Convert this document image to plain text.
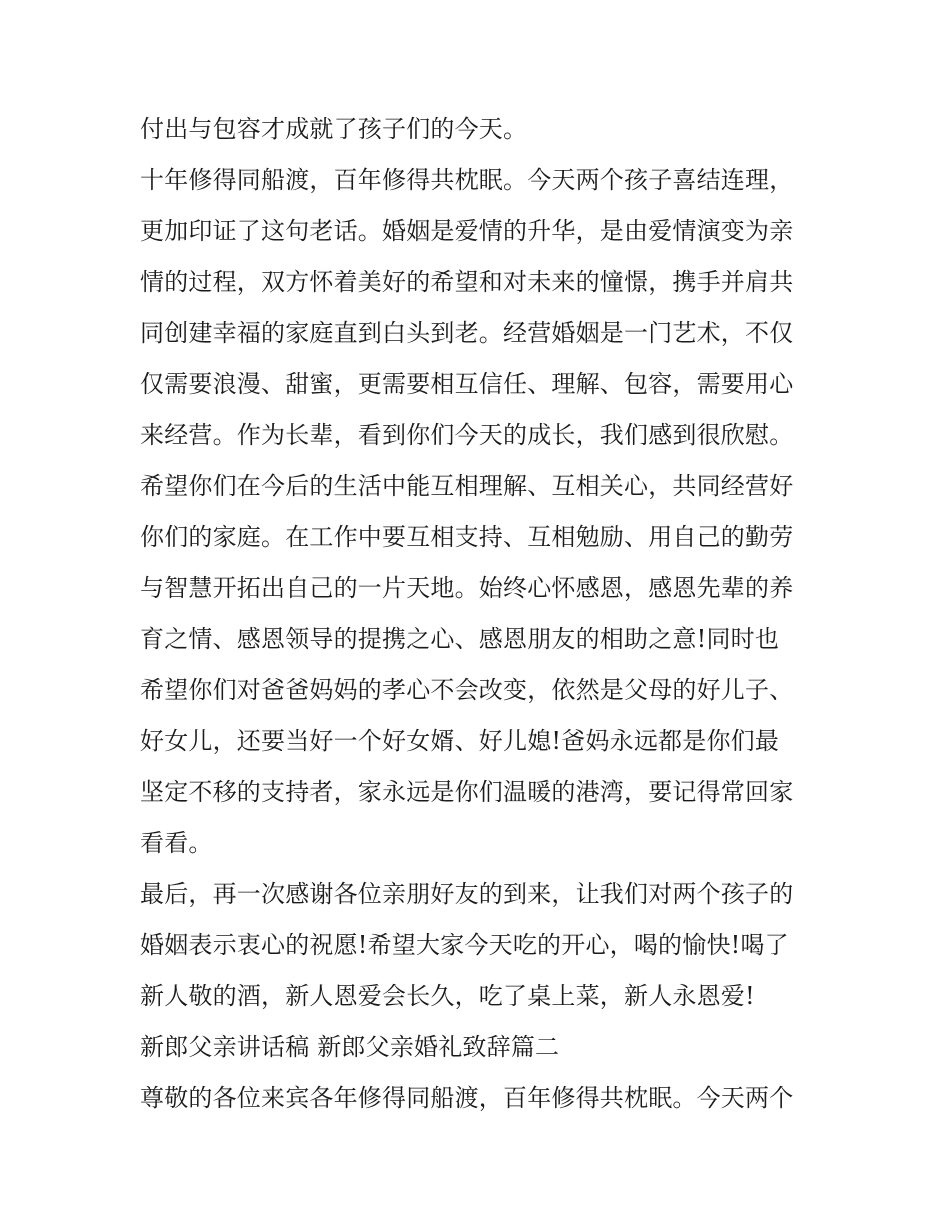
付出与包容才成就了孩子们的今天。
十年修得同船渡，百年修得共枕眠。今天两个孩子喜结连理，
更加印证了这句老话。婚姻是爱情的升华，是由爱情演变为亲
情的过程，双方怀着美好的希望和对未来的憧憬，携手并肩共
同创建幸福的家庭直到白头到老。经营婚姻是一门艺术，不仅
仅需要浪漫、甜蜜，更需要相互信任、理解、包容，需要用心
来经营。作为长辈，看到你们今天的成长，我们感到很欣慰。
希望你们在今后的生活中能互相理解、互相关心，共同经营好
你们的家庭。在工作中要互相支持、互相勉励、用自己的勤劳
与智慧开拓出自己的一片天地。始终心怀感恩，感恩先辈的养
育之情、感恩领导的提携之心、感恩朋友的相助之意!同时也
希望你们对爸爸妈妈的孝心不会改变，依然是父母的好儿子、
好女儿，还要当好一个好女婿、好儿媳!爸妈永远都是你们最
坚定不移的支持者，家永远是你们温暖的港湾，要记得常回家
看看。
最后，再一次感谢各位亲朋好友的到来，让我们对两个孩子的
婚姻表示衷心的祝愿!希望大家今天吃的开心，喝的愉快!喝了
新人敬的酒，新人恩爱会长久，吃了桌上菜，新人永恩爱!
新郎父亲讲话稿 新郎父亲婚礼致辞篇二
尊敬的各位来宾各年修得同船渡，百年修得共枕眠。今天两个
